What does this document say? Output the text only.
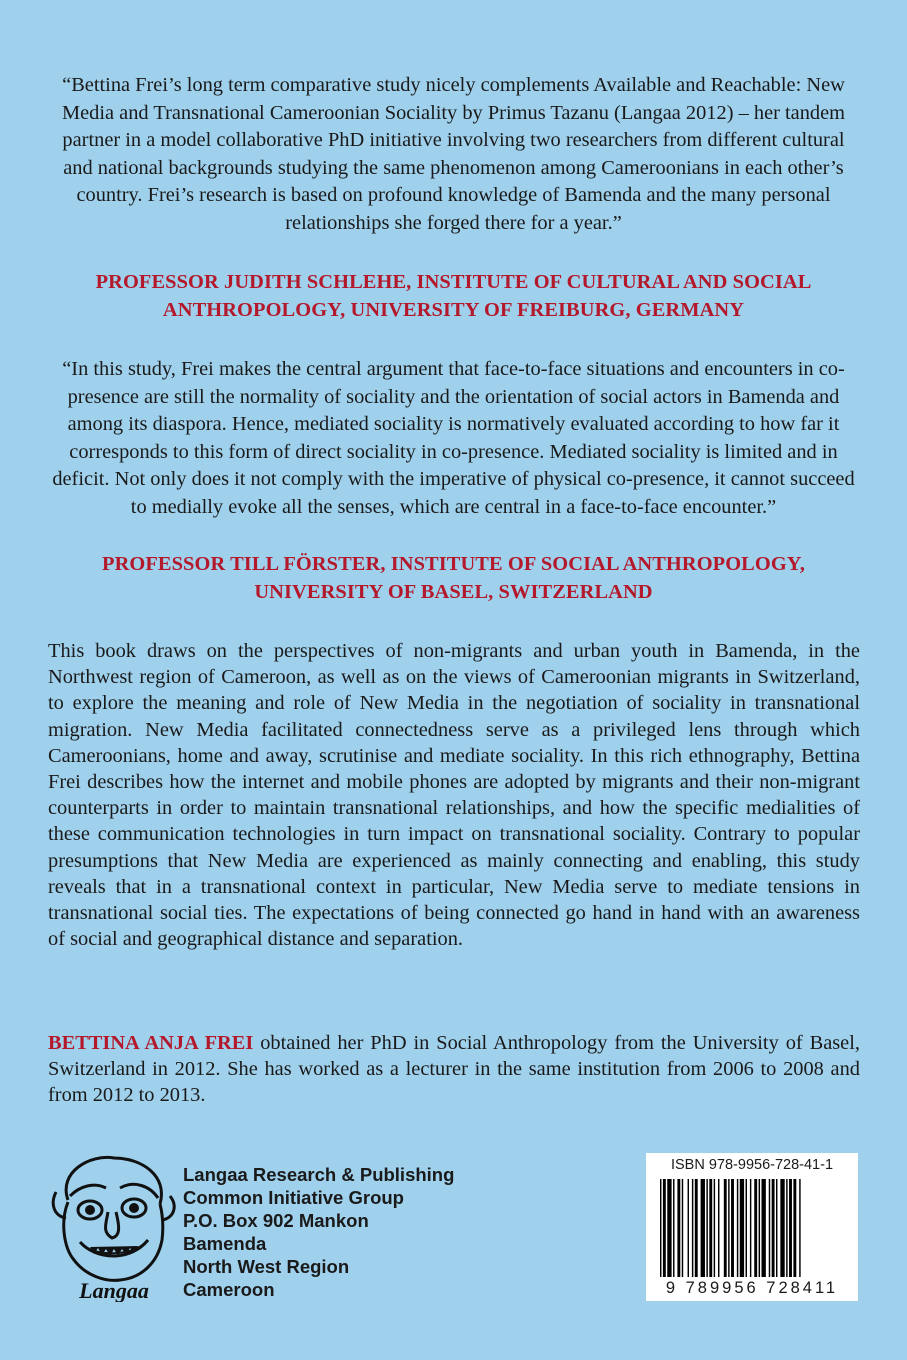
“Bettina Frei’s long term comparative study nicely complements Available and Reachable: New Media and Transnational Cameroonian Sociality by Primus Tazanu (Langaa 2012) – her tandem partner in a model collaborative PhD initiative involving two researchers from different cultural and national backgrounds studying the same phenomenon among Cameroonians in each other’s country. Frei’s research is based on profound knowledge of Bamenda and the many personal relationships she forged there for a year.”
PROFESSOR JUDITH SCHLEHE, INSTITUTE OF CULTURAL AND SOCIAL ANTHROPOLOGY, UNIVERSITY OF FREIBURG, GERMANY
“In this study, Frei makes the central argument that face-to-face situations and encounters in co-presence are still the normality of sociality and the orientation of social actors in Bamenda and among its diaspora. Hence, mediated sociality is normatively evaluated according to how far it corresponds to this form of direct sociality in co-presence. Mediated sociality is limited and in deficit. Not only does it not comply with the imperative of physical co-presence, it cannot succeed to medially evoke all the senses, which are central in a face-to-face encounter.”
PROFESSOR TILL FÖRSTER, INSTITUTE OF SOCIAL ANTHROPOLOGY, UNIVERSITY OF BASEL, SWITZERLAND
This book draws on the perspectives of non-migrants and urban youth in Bamenda, in the Northwest region of Cameroon, as well as on the views of Cameroonian migrants in Switzerland, to explore the meaning and role of New Media in the negotiation of sociality in transnational migration. New Media facilitated connectedness serve as a privileged lens through which Cameroonians, home and away, scrutinise and mediate sociality. In this rich ethnography, Bettina Frei describes how the internet and mobile phones are adopted by migrants and their non-migrant counterparts in order to maintain transnational relationships, and how the specific medialities of these communication technologies in turn impact on transnational sociality. Contrary to popular presumptions that New Media are experienced as mainly connecting and enabling, this study reveals that in a transnational context in particular, New Media serve to mediate tensions in transnational social ties. The expectations of being connected go hand in hand with an awareness of social and geographical distance and separation.
BETTINA ANJA FREI obtained her PhD in Social Anthropology from the University of Basel, Switzerland in 2012. She has worked as a lecturer in the same institution from 2006 to 2008 and from 2012 to 2013.
Langaa
Langaa Research & Publishing
Common Initiative Group
P.O. Box 902 Mankon
Bamenda
North West Region
Cameroon
ISBN 978-9956-728-41-1
9 789956 728411
